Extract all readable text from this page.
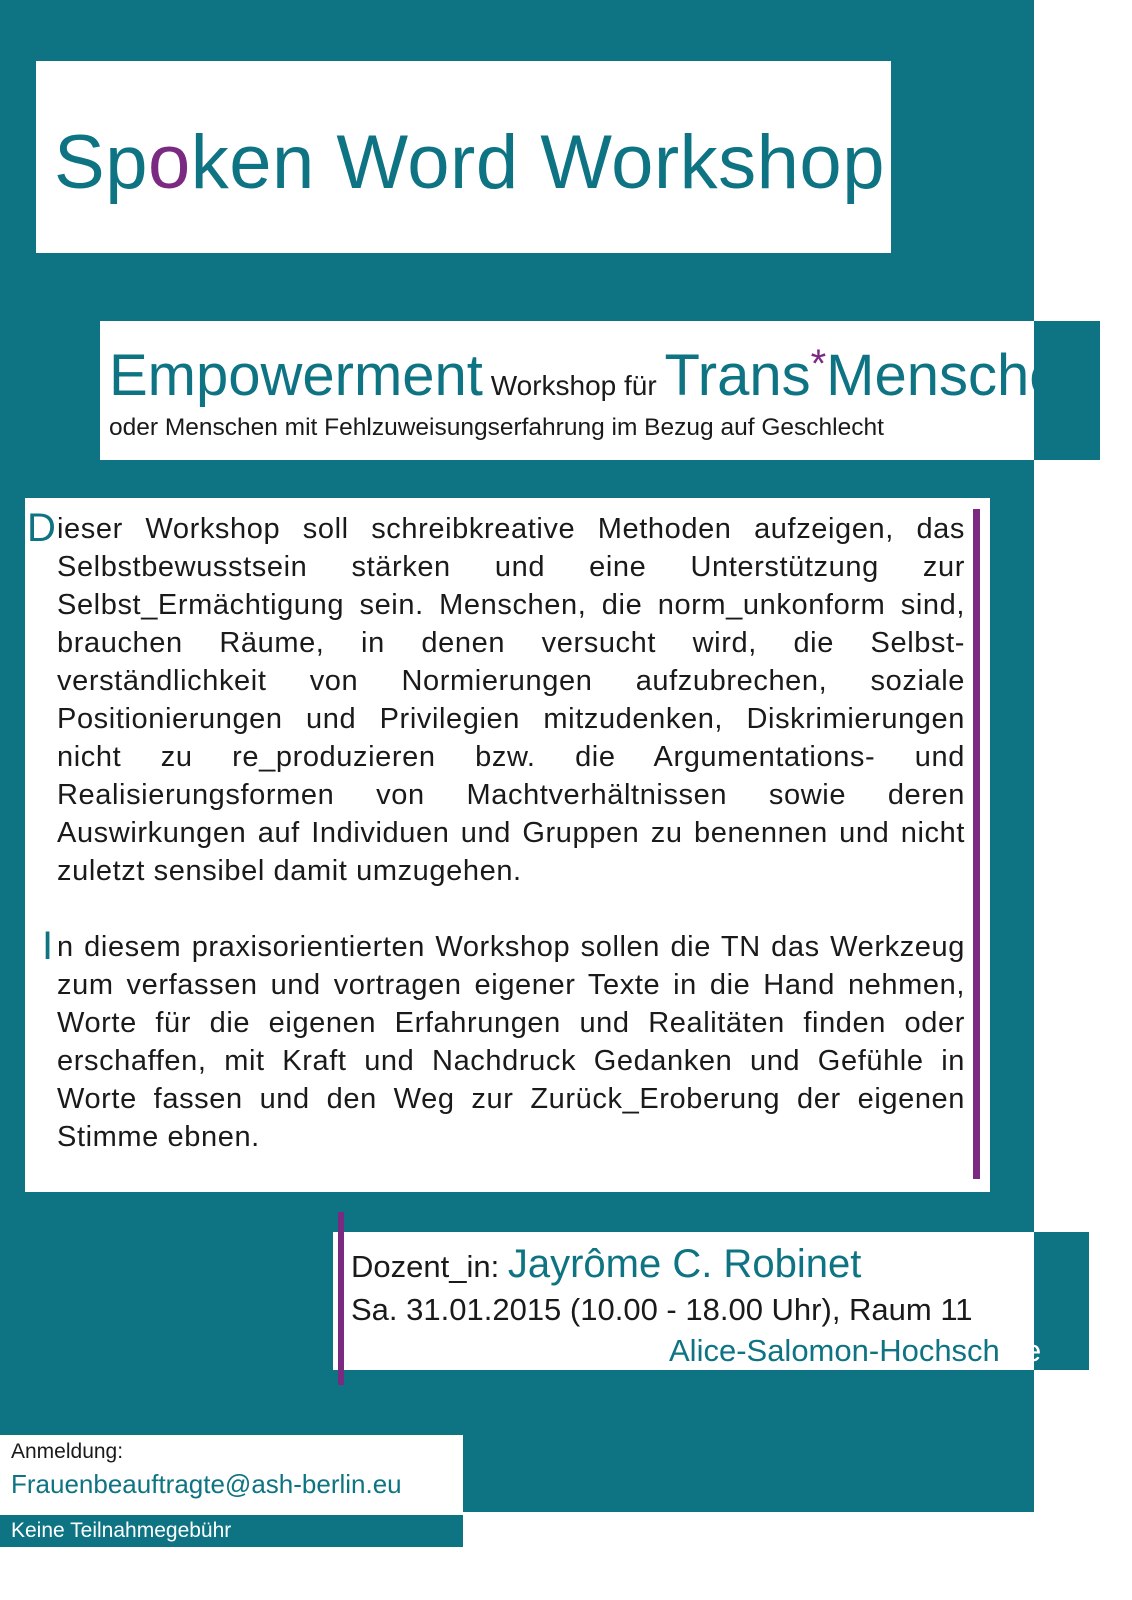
Spoken Word Workshop
Empowerment Workshop für Trans*Menschen
oder Menschen mit Fehlzuweisungserfahrung im Bezug auf Geschlecht
D ieser Workshop soll schreibkreative Methoden aufzeigen, das Selbstbewusstsein stärken und eine Unterstützung zur Selbst_Ermächtigung sein. Menschen, die norm_unkonform sind, brauchen Räume, in denen versucht wird, die Selbst-verständlichkeit von Normierungen aufzubrechen, soziale Positionierungen und Privilegien mitzudenken, Diskrimierungen nicht zu re_produzieren bzw. die Argumentations- und Realisierungsformen von Machtverhältnissen sowie deren Auswirkungen auf Individuen und Gruppen zu benennen und nicht zuletzt sensibel damit umzugehen.

I n diesem praxisorientierten Workshop sollen die TN das Werkzeug zum verfassen und vortragen eigener Texte in die Hand nehmen, Worte für die eigenen Erfahrungen und Realitäten finden oder erschaffen, mit Kraft und Nachdruck Gedanken und Gefühle in Worte fassen und den Weg zur Zurück_Eroberung der eigenen Stimme ebnen.

Dozent_in: Jayrôme C. Robinet
Sa. 31.01.2015 (10.00 - 18.00 Uhr), Raum 114
Alice-Salomon-Hochschule
Anmeldung:
Frauenbeauftragte@ash-berlin.eu
Keine Teilnahmegebühr
